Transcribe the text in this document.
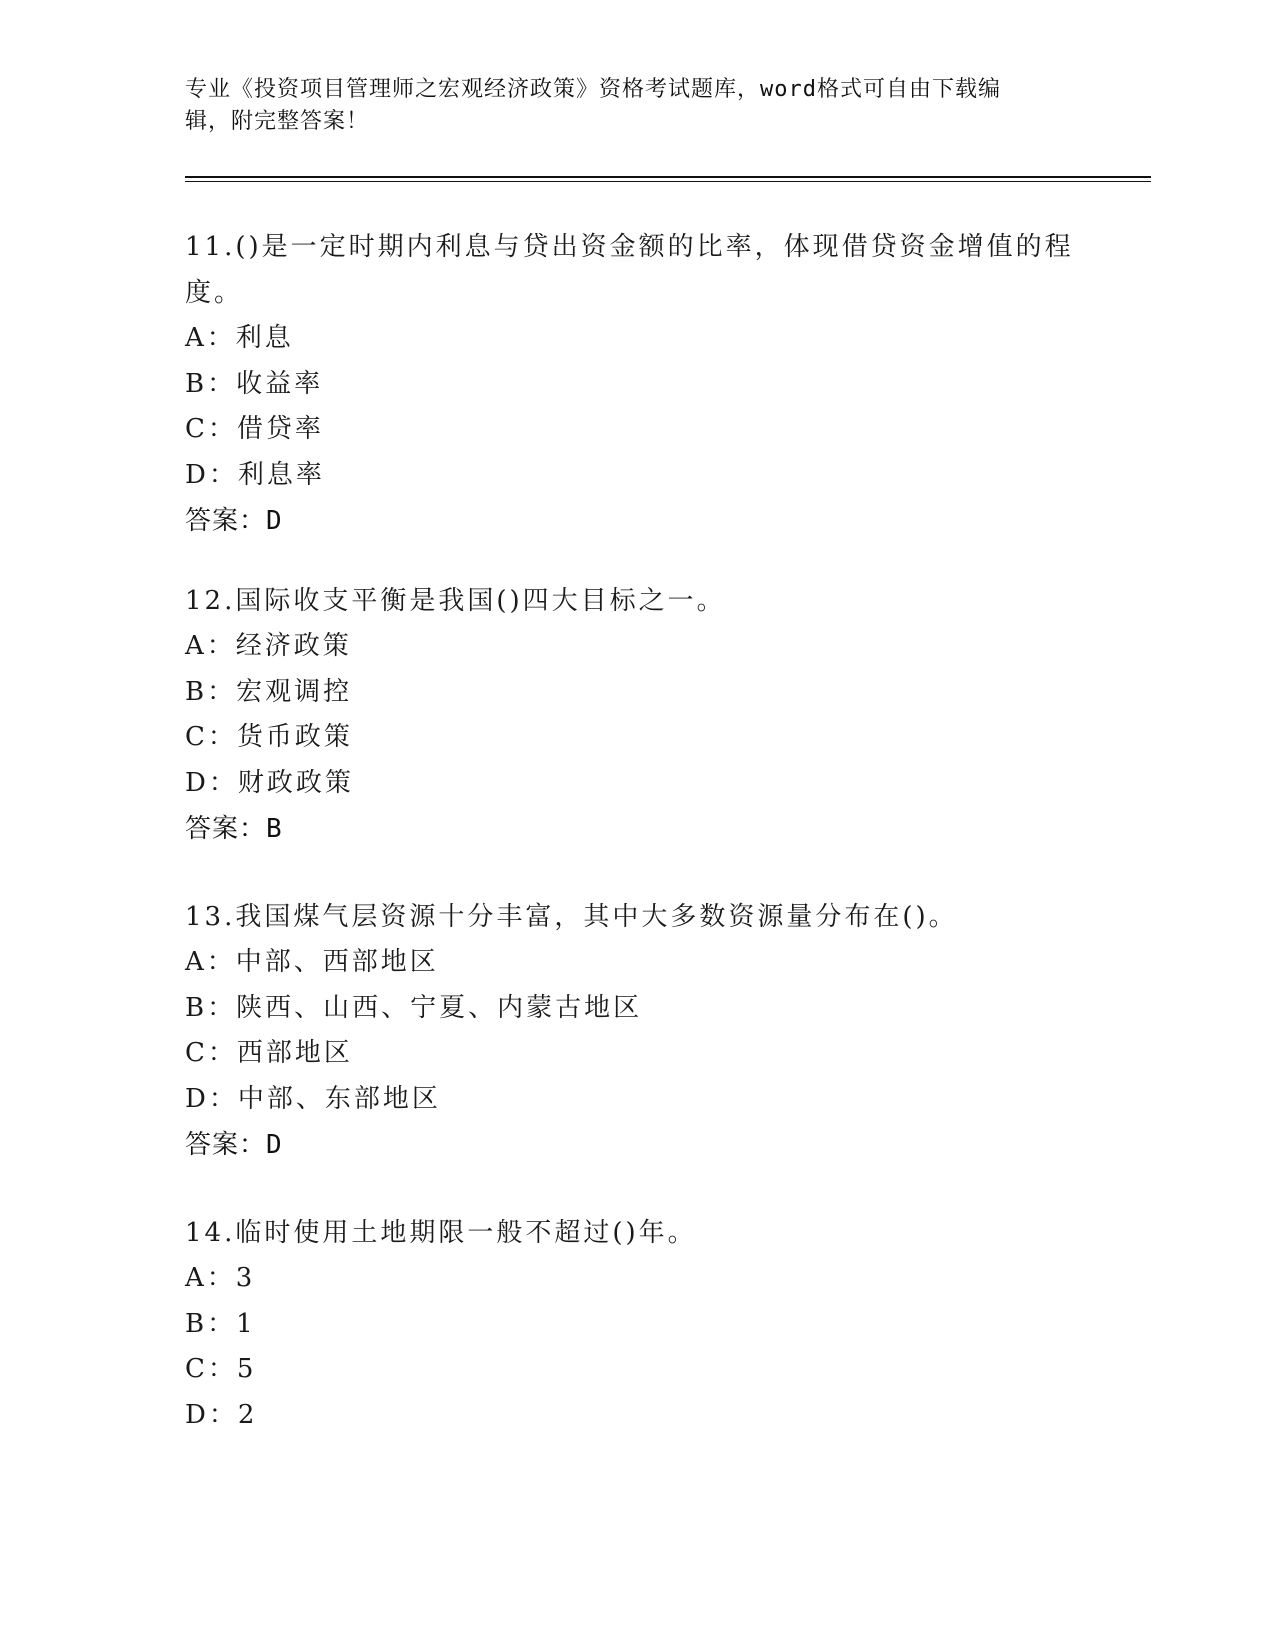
专业《投资项目管理师之宏观经济政策》资格考试题库，word格式可自由下载编
辑，附完整答案！

11.()是一定时期内利息与贷出资金额的比率，体现借贷资金增值的程

度。

A：利息

B：收益率

C：借贷率

D：利息率

答案：D

12.国际收支平衡是我国()四大目标之一。

A：经济政策

B：宏观调控

C：货币政策

D：财政政策

答案：B

13.我国煤气层资源十分丰富，其中大多数资源量分布在()。

A：中部、西部地区

B：陕西、山西、宁夏、内蒙古地区

C：西部地区

D：中部、东部地区

答案：D

14.临时使用土地期限一般不超过()年。

A：3

B：1

C：5

D：2
